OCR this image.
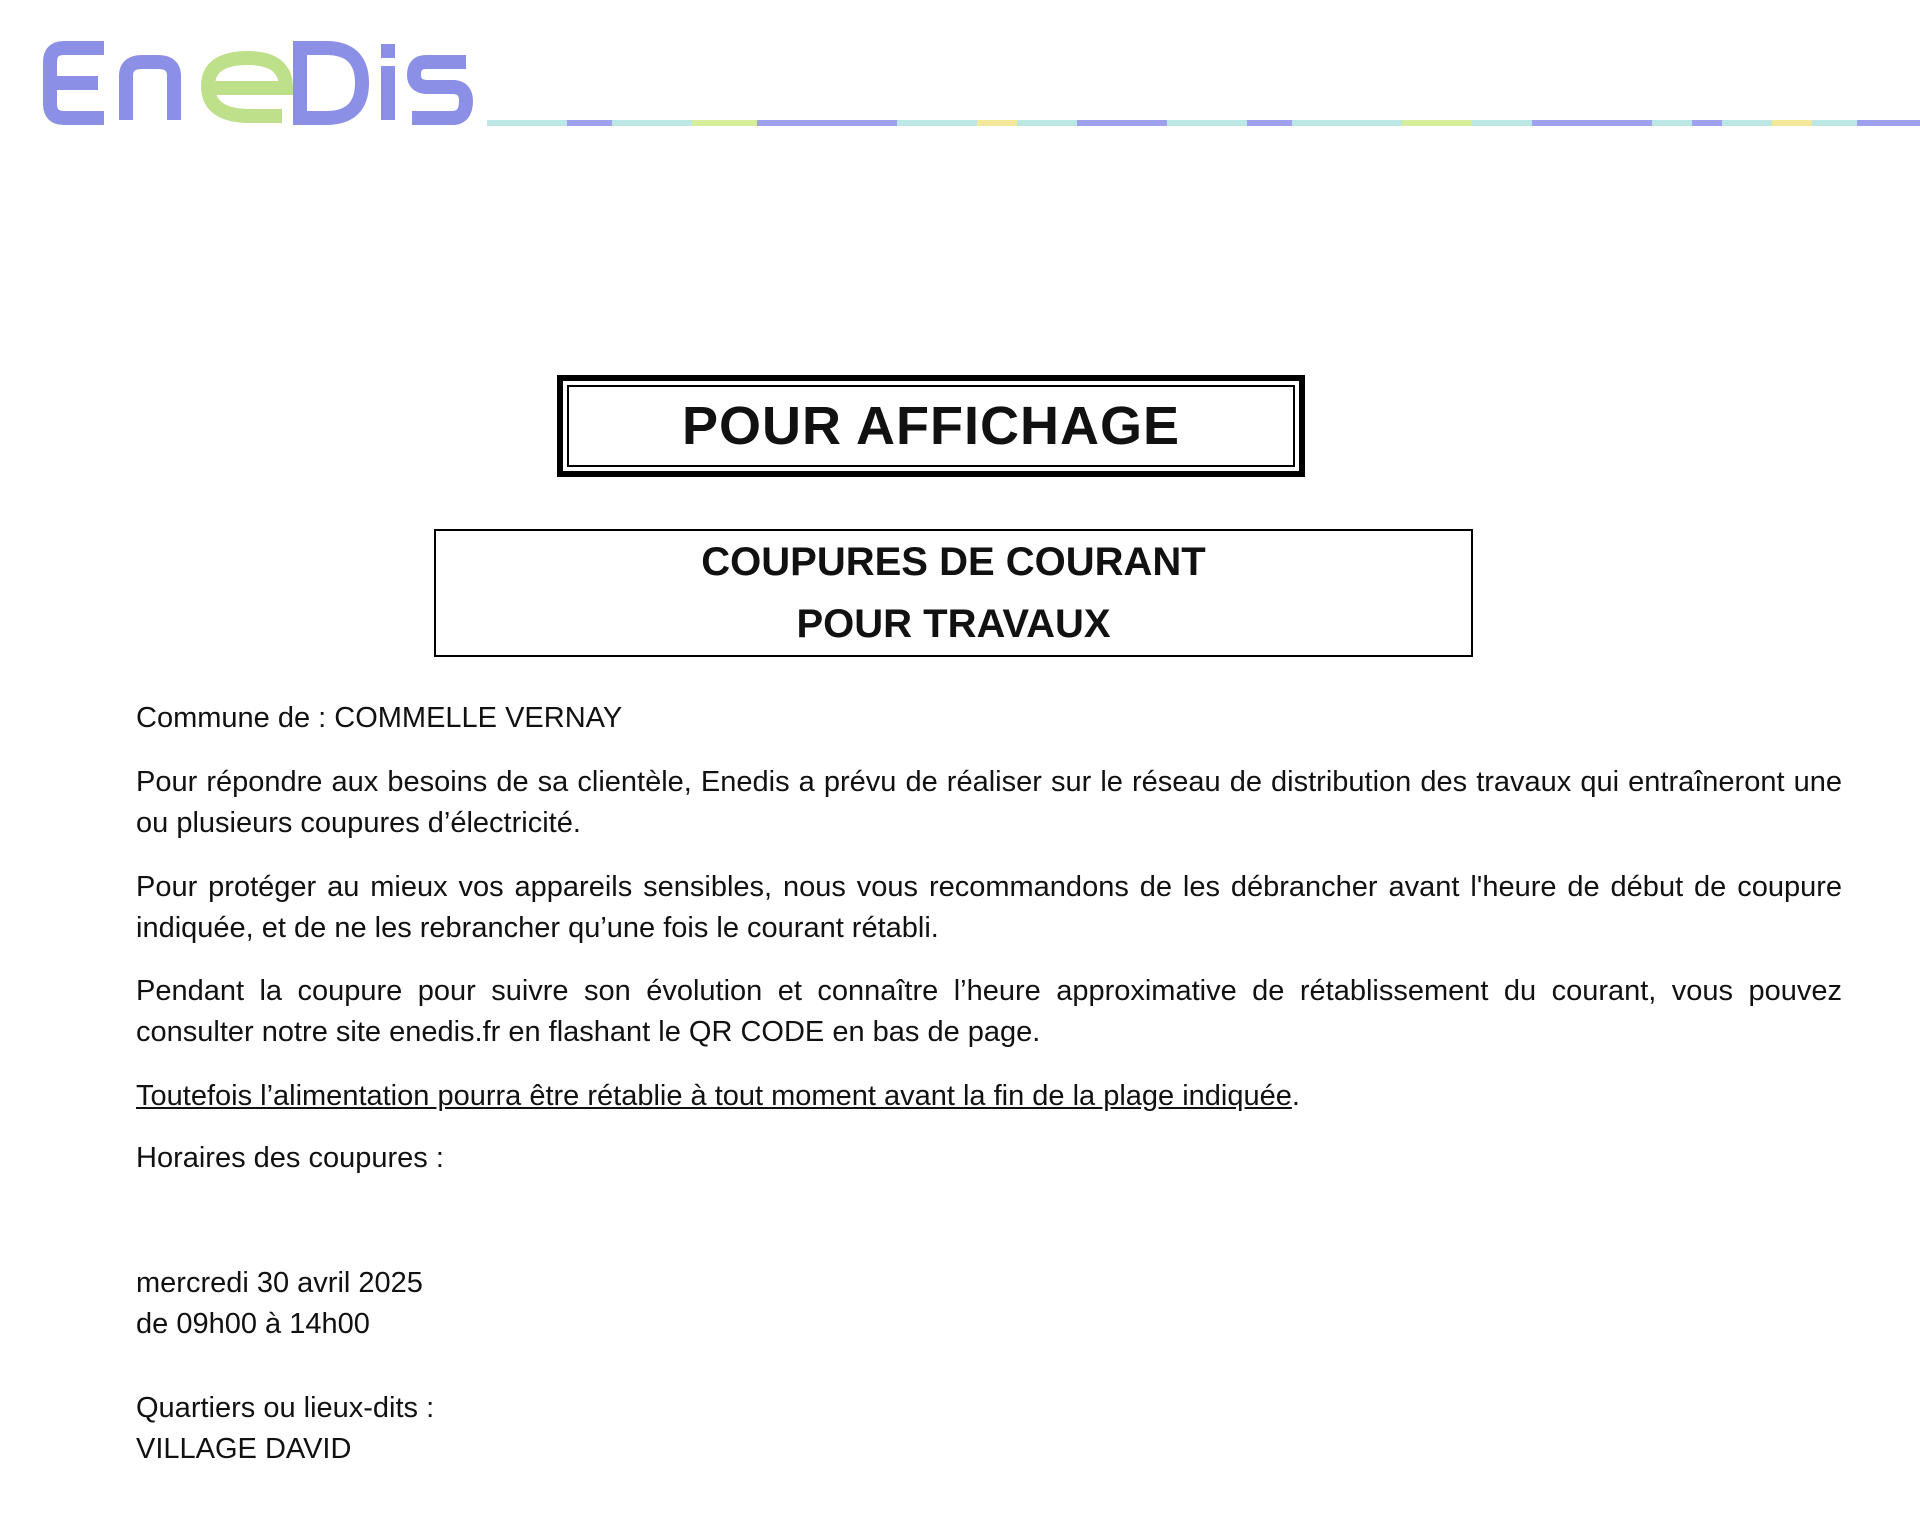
POUR AFFICHAGE
COUPURES DE COURANT
POUR TRAVAUX

Commune de : COMMELLE VERNAY

Pour répondre aux besoins de sa clientèle, Enedis a prévu de réaliser sur le réseau de distribution des travaux qui entraîneront une ou plusieurs coupures d’électricité.

Pour protéger au mieux vos appareils sensibles, nous vous recommandons de les débrancher avant l'heure de début de coupure indiquée, et de ne les rebrancher qu’une fois le courant rétabli.

Pendant la coupure pour suivre son évolution et connaître l’heure approximative de rétablissement du courant, vous pouvez consulter notre site enedis.fr en flashant le QR CODE en bas de page.

Toutefois l’alimentation pourra être rétablie à tout moment avant la fin de la plage indiquée.

Horaires des coupures :

mercredi 30 avril 2025

de 09h00 à 14h00

Quartiers ou lieux-dits :

VILLAGE DAVID
